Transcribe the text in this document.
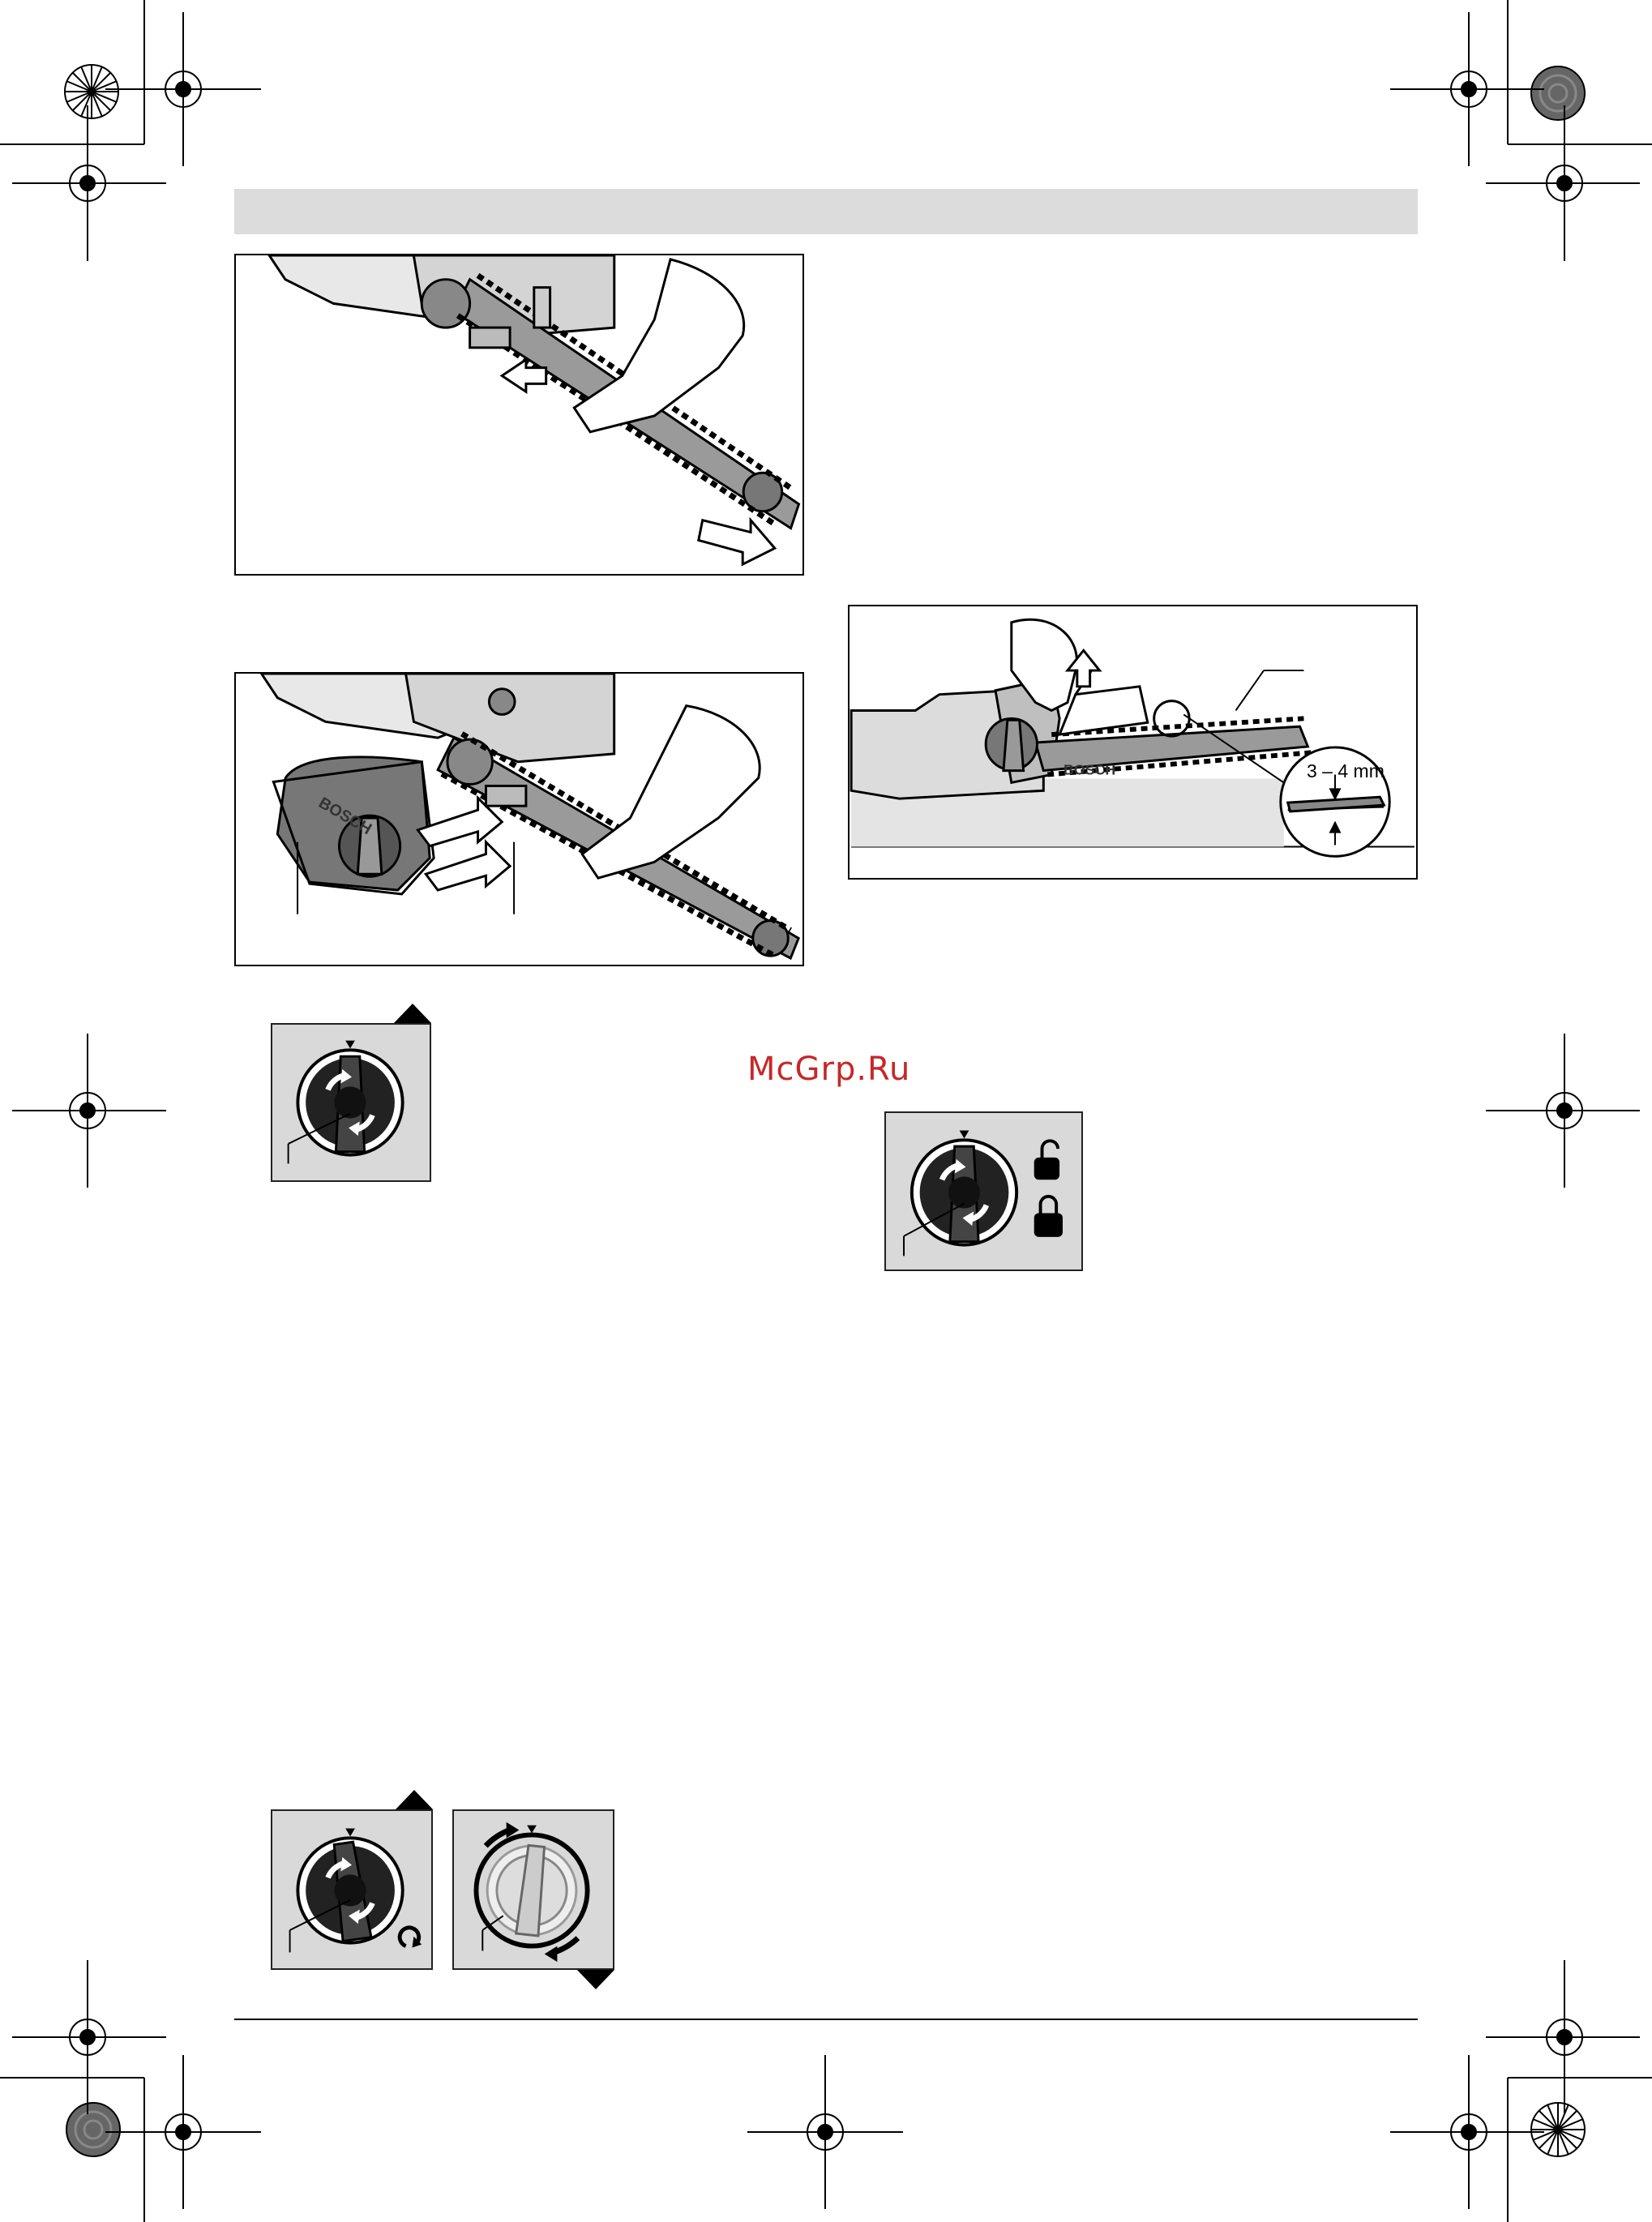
BOSCH
BOSCH	3 – 4 mm
McGrp.Ru
